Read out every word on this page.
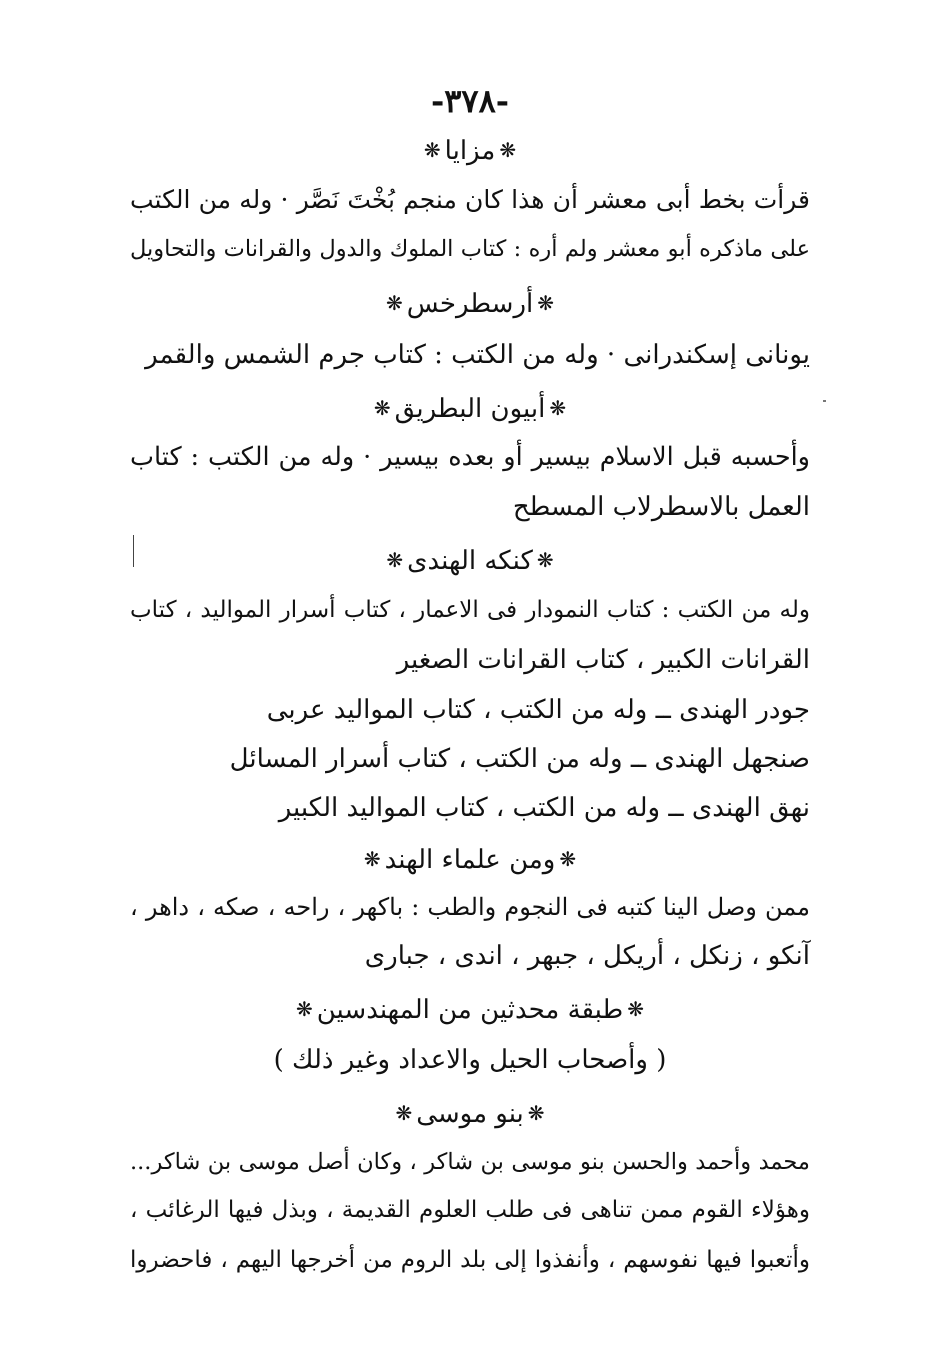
-٣٧٨-
❋مزايا❋
قرأت بخط أبى معشر أن هذا كان منجم بُخْتَ نَصَّر · وله من الكتب
على ماذكره أبو معشر ولم أره : كتاب الملوك والدول والقرانات والتحاويل
❋أرسطرخس❋
يونانى إسكندرانى · وله من الكتب : كتاب جرم الشمس والقمر
❋أبيون البطريق❋
وأحسبه قبل الاسلام بيسير أو بعده بيسير · وله من الكتب : كتاب
العمل بالاسطرلاب المسطح
❋كنكه الهندى❋
وله من الكتب : كتاب النمودار فى الاعمار ، كتاب أسرار المواليد ، كتاب
القرانات الكبير ، كتاب القرانات الصغير
جودر الهندى ــ وله من الكتب ، كتاب المواليد عربى
صنجهل الهندى ــ وله من الكتب ، كتاب أسرار المسائل
نهق الهندى ــ وله من الكتب ، كتاب المواليد الكبير
❋ومن علماء الهند❋
ممن وصل الينا كتبه فى النجوم والطب : باكهر ، راحه ، صكه ، داهر ،
آنكو ، زنكل ، أريكل ، جبهر ، اندى ، جبارى
❋طبقة محدثين من المهندسين❋
( وأصحاب الحيل والاعداد وغير ذلك )
❋بنو موسى❋
محمد وأحمد والحسن بنو موسى بن شاكر ، وكان أصل موسى بن شاكر...
وهؤلاء القوم ممن تناهى فى طلب العلوم القديمة ، وبذل فيها الرغائب ،
وأتعبوا فيها نفوسهم ، وأنفذوا إلى بلد الروم من أخرجها اليهم ، فاحضروا
